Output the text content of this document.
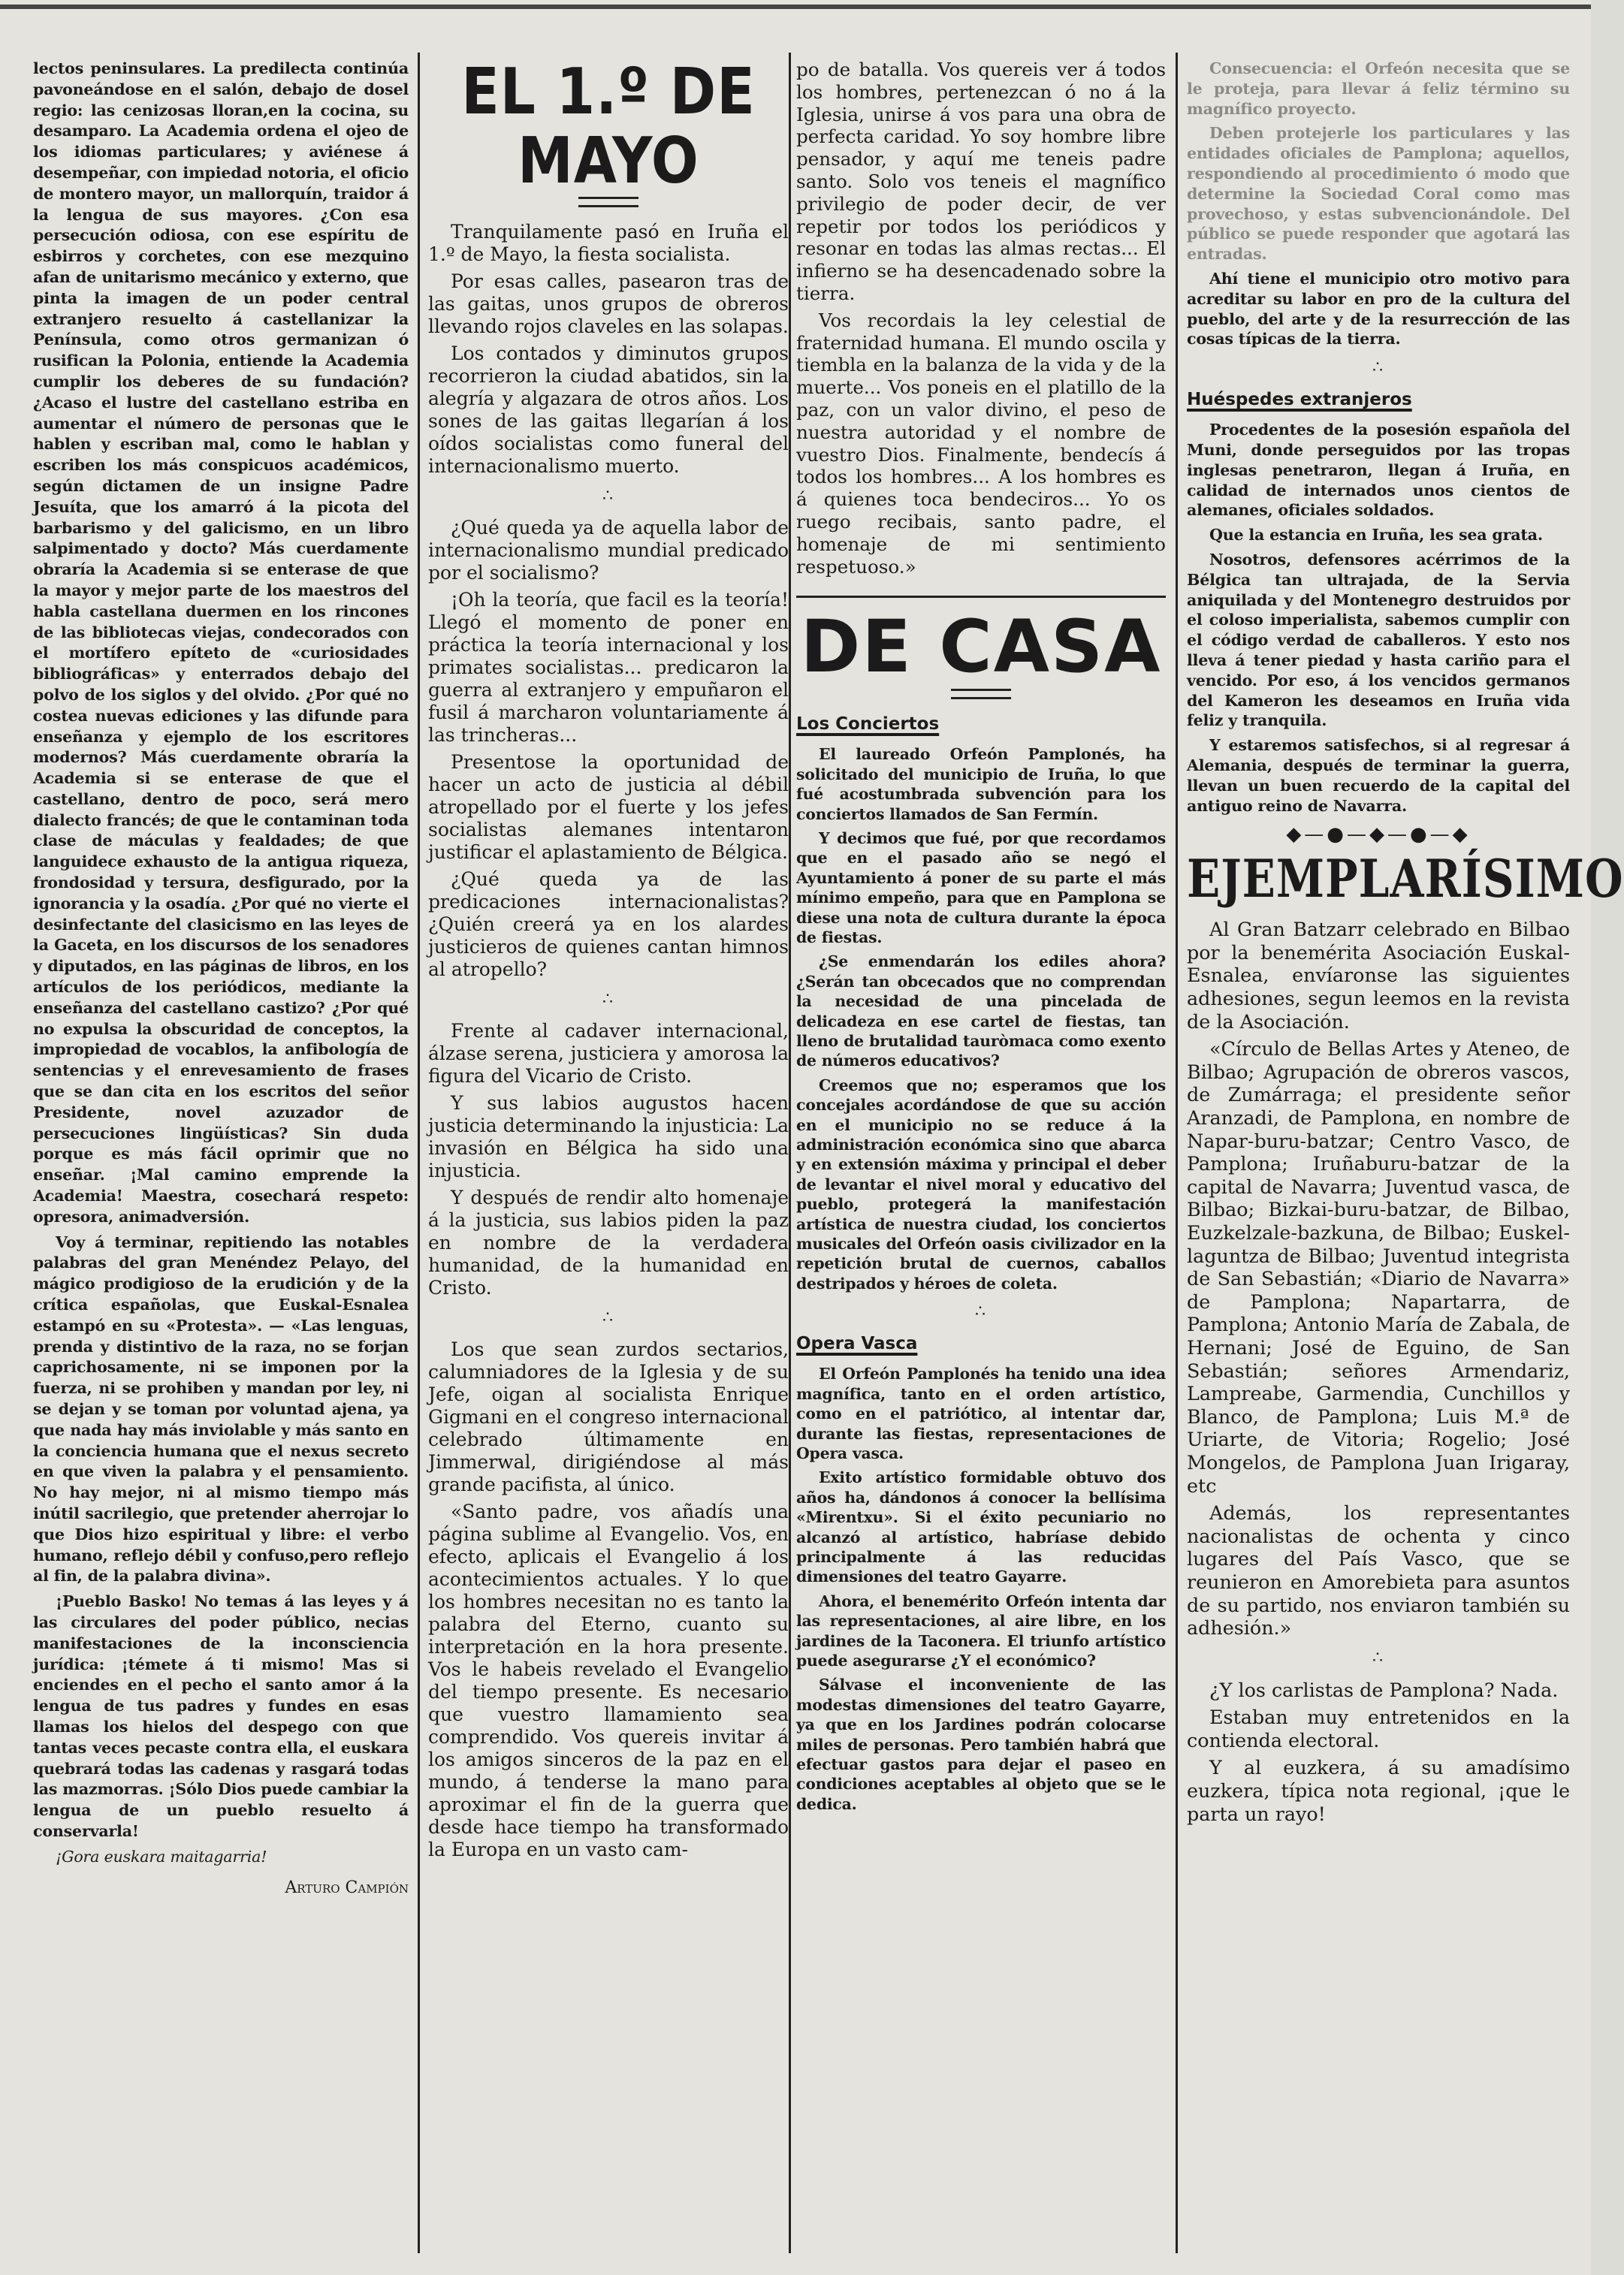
lectos peninsulares. La predilecta continúa pavoneándose en el salón, debajo de dosel regio: las cenizosas lloran,en la cocina, su desamparo. La Academia ordena el ojeo de los idiomas particulares; y aviénese á desempeñar, con impiedad notoria, el oficio de montero mayor, un mallorquín, traidor á la lengua de sus mayores. ¿Con esa persecución odiosa, con ese espíritu de esbirros y corchetes, con ese mezquino afan de unitarismo mecánico y externo, que pinta la imagen de un poder central extranjero resuelto á castellanizar la Península, como otros germanizan ó rusifican la Polonia, entiende la Academia cumplir los deberes de su fundación? ¿Acaso el lustre del castellano estriba en aumentar el número de personas que le hablen y escriban mal, como le hablan y escriben los más conspicuos académicos, según dictamen de un insigne Padre Jesuíta, que los amarró á la picota del barbarismo y del galicismo, en un libro salpimentado y docto? Más cuerdamente obraría la Academia si se enterase de que la mayor y mejor parte de los maestros del habla castellana duermen en los rincones de las bibliotecas viejas, condecorados con el mortífero epíteto de «curiosidades bibliográficas» y enterrados debajo del polvo de los siglos y del olvido. ¿Por qué no costea nuevas ediciones y las difunde para enseñanza y ejemplo de los escritores modernos? Más cuerdamente obraría la Academia si se enterase de que el castellano, dentro de poco, será mero dialecto francés; de que le contaminan toda clase de máculas y fealdades; de que languidece exhausto de la antigua riqueza, frondosidad y tersura, desfigurado, por la ignorancia y la osadía. ¿Por qué no vierte el desinfectante del clasicismo en las leyes de la Gaceta, en los discursos de los senadores y diputados, en las páginas de libros, en los artículos de los periódicos, mediante la enseñanza del castellano castizo? ¿Por qué no expulsa la obscuridad de conceptos, la impropiedad de vocablos, la anfibología de sentencias y el enrevesamiento de frases que se dan cita en los escritos del señor Presidente, novel azuzador de persecuciones lingüísticas? Sin duda porque es más fácil oprimir que no enseñar. ¡Mal camino emprende la Academia! Maestra, cosechará respeto: opresora, animadversión.

Voy á terminar, repitiendo las notables palabras del gran Menéndez Pelayo, del mágico prodigioso de la erudición y de la crítica españolas, que Euskal-Esnalea estampó en su «Protesta». — «Las lenguas, prenda y distintivo de la raza, no se forjan caprichosamente, ni se imponen por la fuerza, ni se prohiben y mandan por ley, ni se dejan y se toman por voluntad ajena, ya que nada hay más inviolable y más santo en la conciencia humana que el nexus secreto en que viven la palabra y el pensamiento. No hay mejor, ni al mismo tiempo más inútil sacrilegio, que pretender aherrojar lo que Dios hizo espiritual y libre: el verbo humano, reflejo débil y confuso,pero reflejo al fin, de la palabra divina».

¡Pueblo Basko! No temas á las leyes y á las circulares del poder público, necias manifestaciones de la inconsciencia jurídica: ¡témete á ti mismo! Mas si enciendes en el pecho el santo amor á la lengua de tus padres y fundes en esas llamas los hielos del despego con que tantas veces pecaste contra ella, el euskara quebrará todas las cadenas y rasgará todas las mazmorras. ¡Sólo Dios puede cambiar la lengua de un pueblo resuelto á conservarla!

¡Gora euskara maitagarria!

Arturo Campión
EL 1.º DE MAYO

Tranquilamente pasó en Iruña el 1.º de Mayo, la fiesta socialista.

Por esas calles, pasearon tras de las gaitas, unos grupos de obreros llevando rojos claveles en las solapas.

Los contados y diminutos grupos recorrieron la ciudad abatidos, sin la alegría y algazara de otros años. Los sones de las gaitas llegarían á los oídos socialistas como funeral del internacionalismo muerto.

∴

¿Qué queda ya de aquella labor de internacionalismo mundial predicado por el socialismo?

¡Oh la teoría, que facil es la teoría! Llegó el momento de poner en práctica la teoría internacional y los primates socialistas... predicaron la guerra al extranjero y empuñaron el fusil á marcharon voluntariamente á las trincheras...

Presentose la oportunidad de hacer un acto de justicia al débil atropellado por el fuerte y los jefes socialistas alemanes intentaron justificar el aplastamiento de Bélgica.

¿Qué queda ya de las predicaciones internacionalistas? ¿Quién creerá ya en los alardes justicieros de quienes cantan himnos al atropello?

∴

Frente al cadaver internacional, álzase serena, justiciera y amorosa la figura del Vicario de Cristo.

Y sus labios augustos hacen justicia determinando la injusticia: La invasión en Bélgica ha sido una injusticia.

Y después de rendir alto homenaje á la justicia, sus labios piden la paz en nombre de la verdadera humanidad, de la humanidad en Cristo.

∴

Los que sean zurdos sectarios, calumniadores de la Iglesia y de su Jefe, oigan al socialista Enrique Gigmani en el congreso internacional celebrado últimamente en Jimmerwal, dirigiéndose al más grande pacifista, al único.

«Santo padre, vos añadís una página sublime al Evangelio. Vos, en efecto, aplicais el Evangelio á los acontecimientos actuales. Y lo que los hombres necesitan no es tanto la palabra del Eterno, cuanto su interpretación en la hora presente. Vos le habeis revelado el Evangelio del tiempo presente. Es necesario que vuestro llamamiento sea comprendido. Vos quereis invitar á los amigos sinceros de la paz en el mundo, á tenderse la mano para aproximar el fin de la guerra que desde hace tiempo ha transformado la Europa en un vasto cam-

po de batalla. Vos quereis ver á todos los hombres, pertenezcan ó no á la Iglesia, unirse á vos para una obra de perfecta caridad. Yo soy hombre libre pensador, y aquí me teneis padre santo. Solo vos teneis el magnífico privilegio de poder decir, de ver repetir por todos los periódicos y resonar en todas las almas rectas... El infierno se ha desencadenado sobre la tierra.

Vos recordais la ley celestial de fraternidad humana. El mundo oscila y tiembla en la balanza de la vida y de la muerte... Vos poneis en el platillo de la paz, con un valor divino, el peso de nuestra autoridad y el nombre de vuestro Dios. Finalmente, bendecís á todos los hombres... A los hombres es á quienes toca bendeciros... Yo os ruego recibais, santo padre, el homenaje de mi sentimiento respetuoso.»

DE CASA
Los Conciertos

El laureado Orfeón Pamplonés, ha solicitado del municipio de Iruña, lo que fué acostumbrada subvención para los conciertos llamados de San Fermín.

Y decimos que fué, por que recordamos que en el pasado año se negó el Ayuntamiento á poner de su parte el más mínimo empeño, para que en Pamplona se diese una nota de cultura durante la época de fiestas.

¿Se enmendarán los ediles ahora? ¿Serán tan obcecados que no comprendan la necesidad de una pincelada de delicadeza en ese cartel de fiestas, tan lleno de brutalidad tauròmaca como exento de números educativos?

Creemos que no; esperamos que los concejales acordándose de que su acción en el municipio no se reduce á la administración económica sino que abarca y en extensión máxima y principal el deber de levantar el nivel moral y educativo del pueblo, protegerá la manifestación artística de nuestra ciudad, los conciertos musicales del Orfeón oasis civilizador en la repetición brutal de cuernos, caballos destripados y héroes de coleta.

∴
Opera Vasca

El Orfeón Pamplonés ha tenido una idea magnífica, tanto en el orden artístico, como en el patriótico, al intentar dar, durante las fiestas, representaciones de Opera vasca.

Exito artístico formidable obtuvo dos años ha, dándonos á conocer la bellísima «Mirentxu». Si el éxito pecuniario no alcanzó al artístico, habríase debido principalmente á las reducidas dimensiones del teatro Gayarre.

Ahora, el benemérito Orfeón intenta dar las representaciones, al aire libre, en los jardines de la Taconera. El triunfo artístico puede asegurarse ¿Y el económico?

Sálvase el inconveniente de las modestas dimensiones del teatro Gayarre, ya que en los Jardines podrán colocarse miles de personas. Pero también habrá que efectuar gastos para dejar el paseo en condiciones aceptables al objeto que se le dedica.

Consecuencia: el Orfeón necesita que se le proteja, para llevar á feliz término su magnífico proyecto.

Deben protejerle los particulares y las entidades oficiales de Pamplona; aquellos, respondiendo al procedimiento ó modo que determine la Sociedad Coral como mas provechoso, y estas subvencionándole. Del público se puede responder que agotará las entradas.

Ahí tiene el municipio otro motivo para acreditar su labor en pro de la cultura del pueblo, del arte y de la resurrección de las cosas típicas de la tierra.

∴
Huéspedes extranjeros

Procedentes de la posesión española del Muni, donde perseguidos por las tropas inglesas penetraron, llegan á Iruña, en calidad de internados unos cientos de alemanes, oficiales soldados.

Que la estancia en Iruña, les sea grata.

Nosotros, defensores acérrimos de la Bélgica tan ultrajada, de la Servia aniquilada y del Montenegro destruidos por el coloso imperialista, sabemos cumplir con el código verdad de caballeros. Y esto nos lleva á tener piedad y hasta cariño para el vencido. Por eso, á los vencidos germanos del Kameron les deseamos en Iruña vida feliz y tranquila.

Y estaremos satisfechos, si al regresar á Alemania, después de terminar la guerra, llevan un buen recuerdo de la capital del antiguo reino de Navarra.

◆—●—◆—●—◆
EJEMPLARÍSIMO

Al Gran Batzarr celebrado en Bilbao por la benemérita Asociación Euskal-Esnalea, envíaronse las siguientes adhesiones, segun leemos en la revista de la Asociación.

«Círculo de Bellas Artes y Ateneo, de Bilbao; Agrupación de obreros vascos, de Zumárraga; el presidente señor Aranzadi, de Pamplona, en nombre de Napar-buru-batzar; Centro Vasco, de Pamplona; Iruñaburu-batzar de la capital de Navarra; Juventud vasca, de Bilbao; Bizkai-buru-batzar, de Bilbao, Euzkelzale-bazkuna, de Bilbao; Euskel-laguntza de Bilbao; Juventud integrista de San Sebastián; «Diario de Navarra» de Pamplona; Napartarra, de Pamplona; Antonio María de Zabala, de Hernani; José de Eguino, de San Sebastián; señores Armendariz, Lampreabe, Garmendia, Cunchillos y Blanco, de Pamplona; Luis M.ª de Uriarte, de Vitoria; Rogelio; José Mongelos, de Pamplona Juan Irigaray, etc

Además, los representantes nacionalistas de ochenta y cinco lugares del País Vasco, que se reunieron en Amorebieta para asuntos de su partido, nos enviaron también su adhesión.»

∴

¿Y los carlistas de Pamplona? Nada.

Estaban muy entretenidos en la contienda electoral.

Y al euzkera, á su amadísimo euzkera, típica nota regional, ¡que le parta un rayo!
